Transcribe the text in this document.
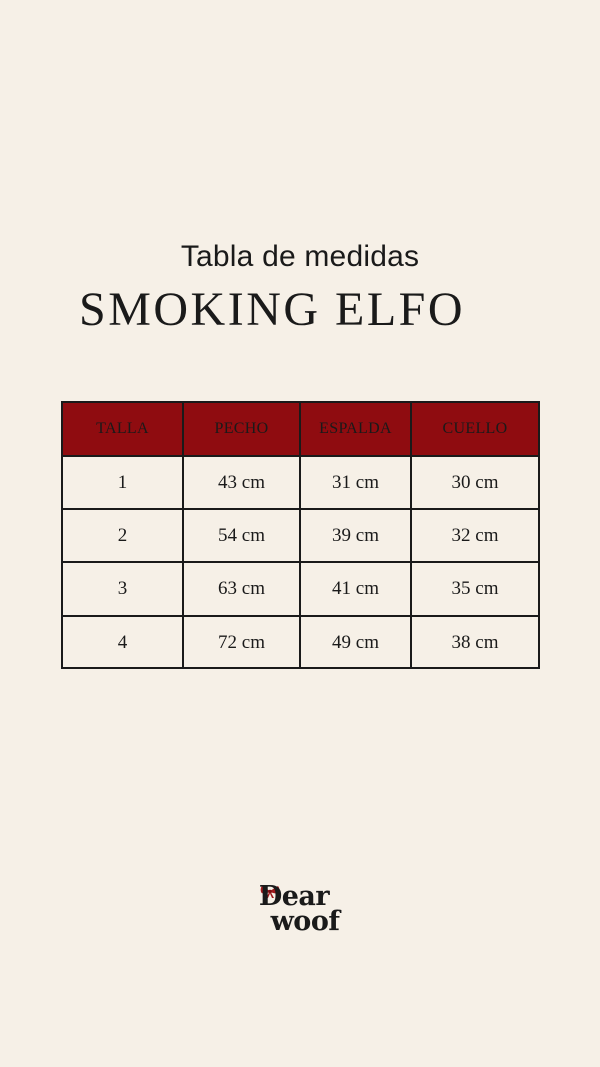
Tabla de medidas
SMOKING ELFO
TALLA	PECHO	ESPALDA	CUELLO
1	43 cm	31 cm	30 cm
2	54 cm	39 cm	32 cm
3	63 cm	41 cm	35 cm
4	72 cm	49 cm	38 cm
Dear
woof
